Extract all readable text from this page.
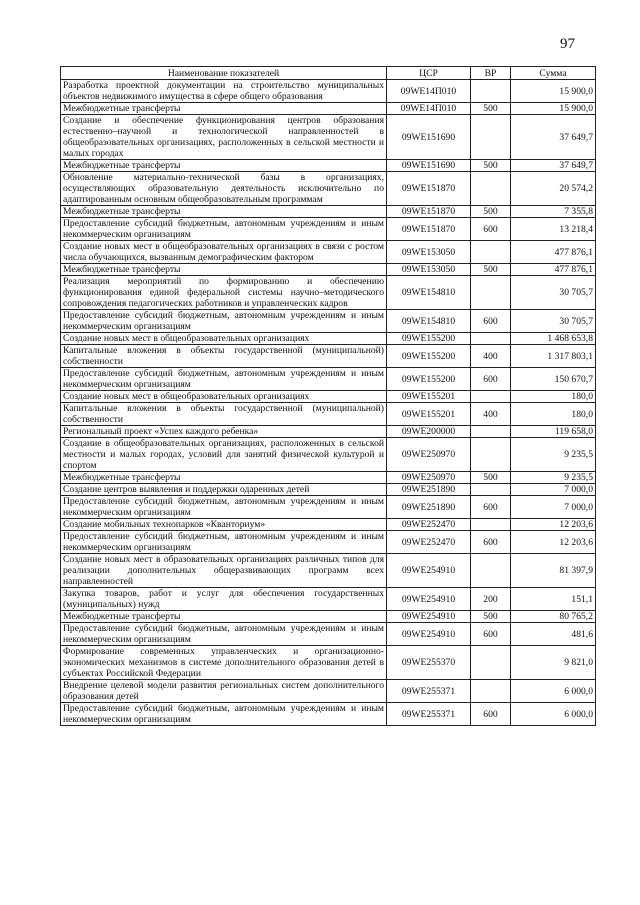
97
Наименование показателей	ЦСР	ВР	Сумма
Разработка проектной документации на строительство муниципальных объектов недвижимого имущества в сфере общего образования	09WE14П010		15 900,0
Межбюджетные трансферты	09WE14П010	500	15 900,0
Создание и обеспечение функционирования центров образования естественно–научной и технологической направленностей в общеобразовательных организациях, расположенных в сельской местности и малых городах	09WE151690		37 649,7
Межбюджетные трансферты	09WE151690	500	37 649,7
Обновление материально-технической базы в организациях, осуществляющих образовательную деятельность исключительно по адаптированным основным общеобразовательным программам	09WE151870		20 574,2
Межбюджетные трансферты	09WE151870	500	7 355,8
Предоставление субсидий бюджетным, автономным учреждениям и иным некоммерческим организациям	09WE151870	600	13 218,4
Создание новых мест в общеобразовательных организациях в связи с ростом числа обучающихся, вызванным демографическим фактором	09WE153050		477 876,1
Межбюджетные трансферты	09WE153050	500	477 876,1
Реализация мероприятий по формированию и обеспечению функционирования единой федеральной системы научно–методического сопровождения педагогических работников и управленческих кадров	09WE154810		30 705,7
Предоставление субсидий бюджетным, автономным учреждениям и иным некоммерческим организациям	09WE154810	600	30 705,7
Создание новых мест в общеобразовательных организациях	09WE155200		1 468 653,8
Капитальные вложения в объекты государственной (муниципальной) собственности	09WE155200	400	1 317 803,1
Предоставление субсидий бюджетным, автономным учреждениям и иным некоммерческим организациям	09WE155200	600	150 670,7
Создание новых мест в общеобразовательных организациях	09WE155201		180,0
Капитальные вложения в объекты государственной (муниципальной) собственности	09WE155201	400	180,0
Региональный проект «Успех каждого ребенка»	09WE200000		119 658,0
Создание в общеобразовательных организациях, расположенных в сельской местности и малых городах, условий для занятий физической культурой и спортом	09WE250970		9 235,5
Межбюджетные трансферты	09WE250970	500	9 235,5
Создание центров выявления и поддержки одаренных детей	09WE251890		7 000,0
Предоставление субсидий бюджетным, автономным учреждениям и иным некоммерческим организациям	09WE251890	600	7 000,0
Создание мобильных технопарков «Кванториум»	09WE252470		12 203,6
Предоставление субсидий бюджетным, автономным учреждениям и иным некоммерческим организациям	09WE252470	600	12 203,6
Создание новых мест в образовательных организациях различных типов для реализации дополнительных общеразвивающих программ всех направленностей	09WE254910		81 397,9
Закупка товаров, работ и услуг для обеспечения государственных (муниципальных) нужд	09WE254910	200	151,1
Межбюджетные трансферты	09WE254910	500	80 765,2
Предоставление субсидий бюджетным, автономным учреждениям и иным некоммерческим организациям	09WE254910	600	481,6
Формирование современных управленческих и организационно-экономических механизмов в системе дополнительного образования детей в субъектах Российской Федерации	09WE255370		9 821,0
Внедрение целевой модели развития региональных систем дополнительного образования детей	09WE255371		6 000,0
Предоставление субсидий бюджетным, автономным учреждениям и иным некоммерческим организациям	09WE255371	600	6 000,0
